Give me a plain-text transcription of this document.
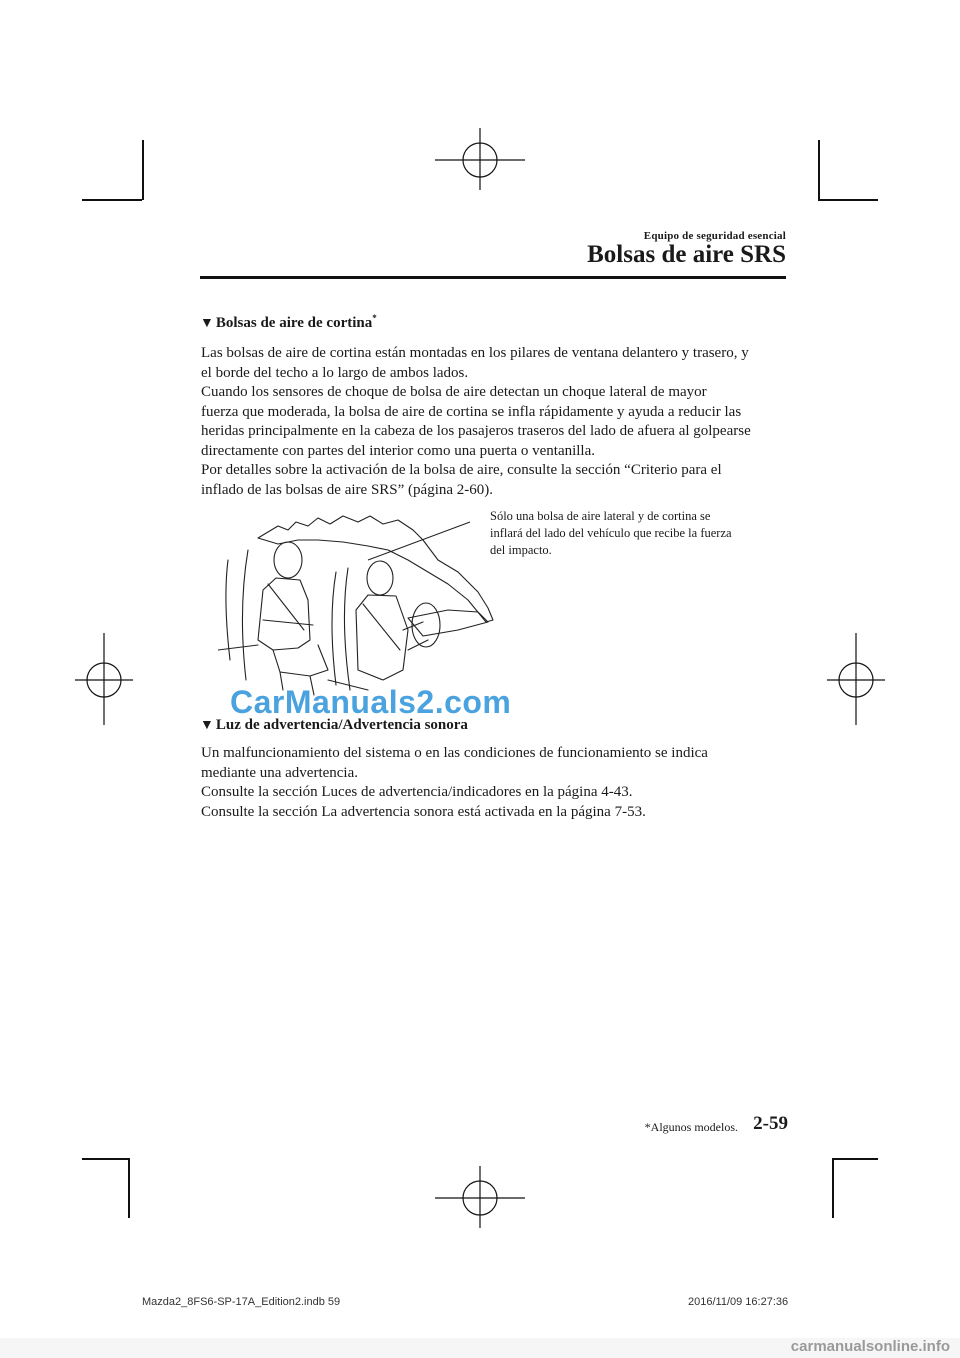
Equipo de seguridad esencial
Bolsas de aire SRS
▼ Bolsas de aire de cortina*
Las bolsas de aire de cortina están montadas en los pilares de ventana delantero y trasero, y
el borde del techo a lo largo de ambos lados.
Cuando los sensores de choque de bolsa de aire detectan un choque lateral de mayor
fuerza que moderada, la bolsa de aire de cortina se infla rápidamente y ayuda a reducir las
heridas principalmente en la cabeza de los pasajeros traseros del lado de afuera al golpearse
directamente con partes del interior como una puerta o ventanilla.
Por detalles sobre la activación de la bolsa de aire, consulte la sección “Criterio para el
inflado de las bolsas de aire SRS” (página 2-60).
Sólo una bolsa de aire lateral y de cortina se
inflará del lado del vehículo que recibe la fuerza
del impacto.
CarManuals2.com
▼ Luz de advertencia/Advertencia sonora
Un malfuncionamiento del sistema o en las condiciones de funcionamiento se indica
mediante una advertencia.
Consulte la sección Luces de advertencia/indicadores en la página 4-43.
Consulte la sección La advertencia sonora está activada en la página 7-53.
*Algunos modelos. 2-59
Mazda2_8FS6-SP-17A_Edition2.indb 59	2016/11/09 16:27:36
carmanualsonline.info
